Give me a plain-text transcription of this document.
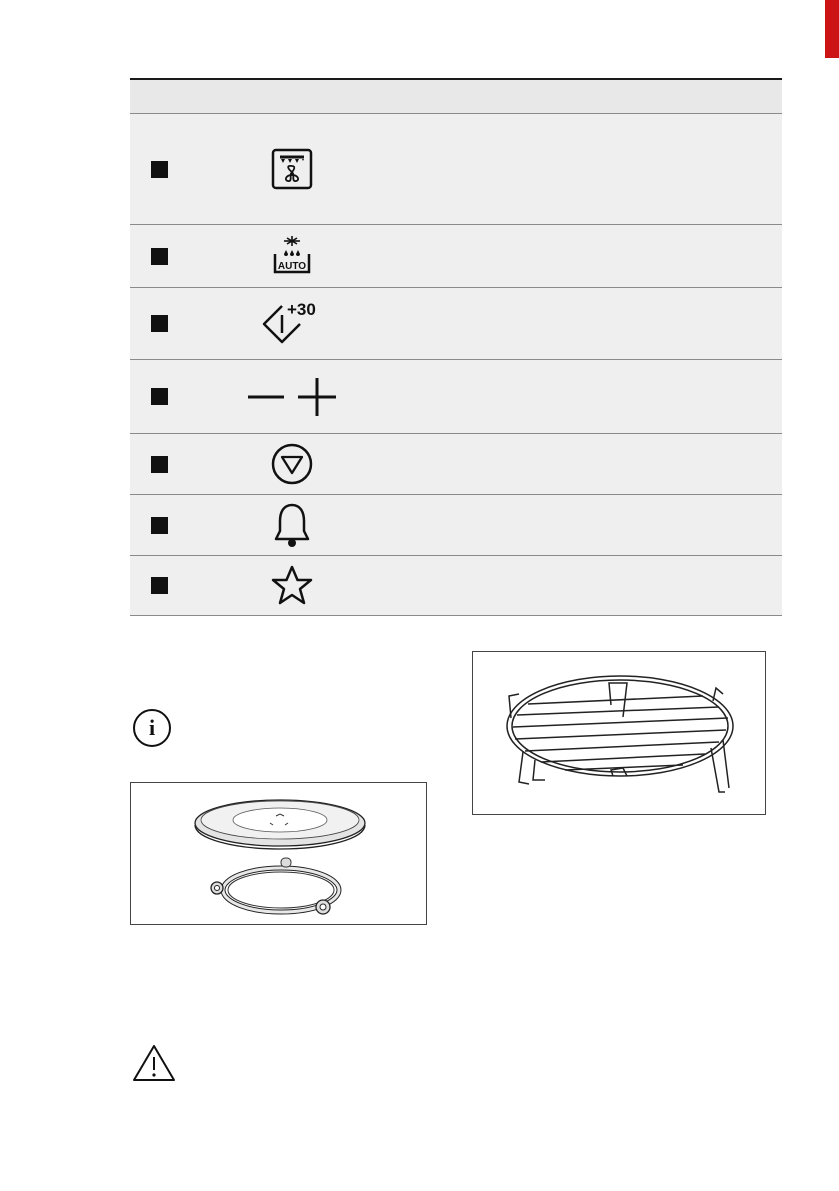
AUTO
+30
i
